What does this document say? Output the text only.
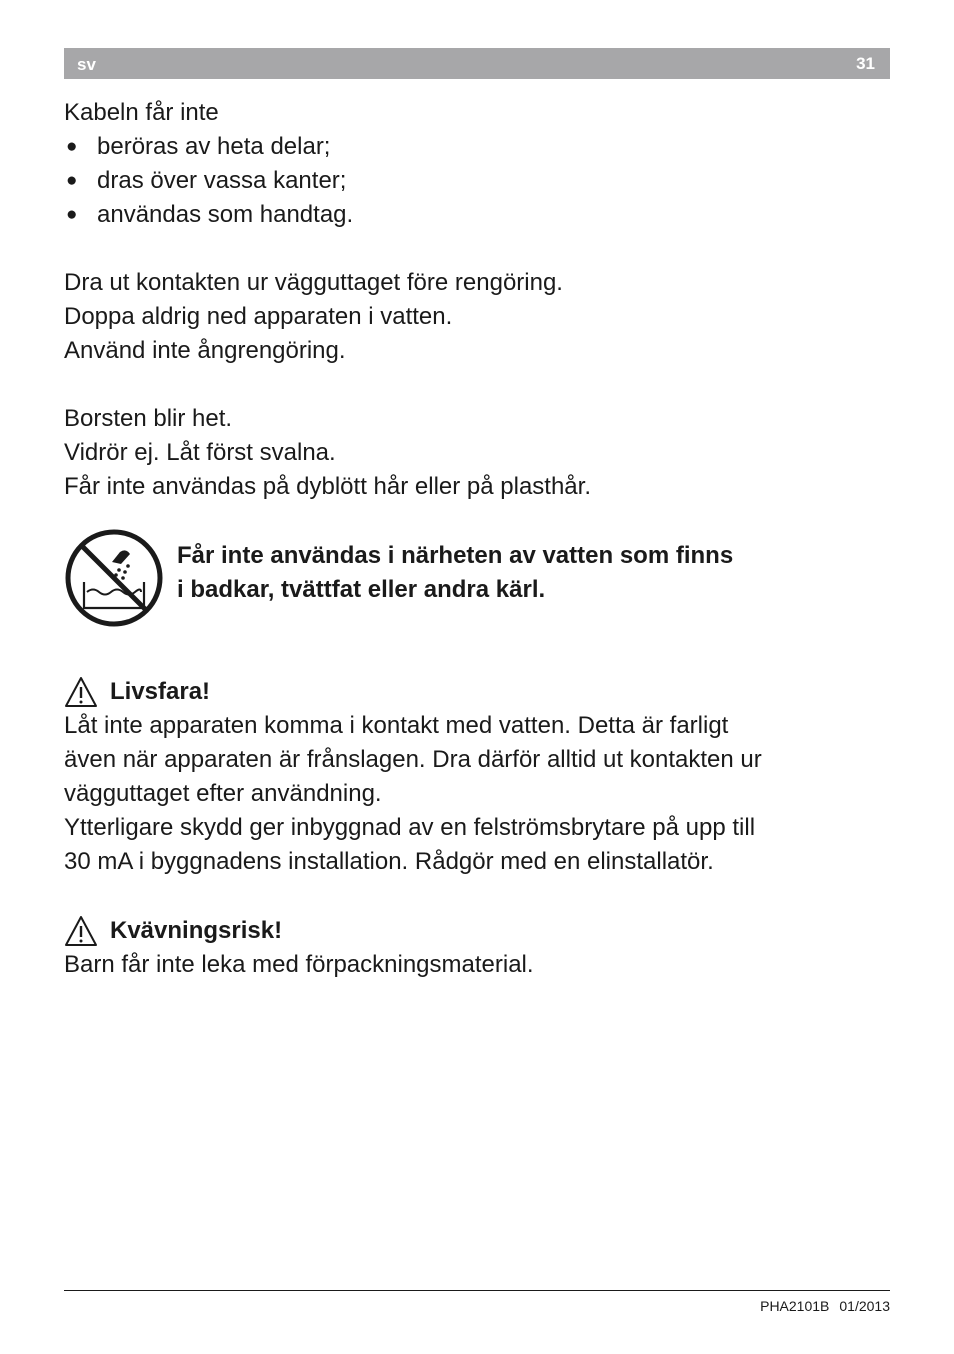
sv	31
Kabeln får inte
● beröras av heta delar;
● dras över vassa kanter;
● användas som handtag.
Dra ut kontakten ur vägguttaget före rengöring.
Doppa aldrig ned apparaten i vatten.
Använd inte ångrengöring.
Borsten blir het.
Vidrör ej. Låt först svalna.
Får inte användas på dyblött hår eller på plasthår.
Får inte användas i närheten av vatten som finns
i badkar, tvättfat eller andra kärl.
Livsfara!
Låt inte apparaten komma i kontakt med vatten. Detta är farligt
även när apparaten är frånslagen. Dra därför alltid ut kontakten ur
vägguttaget efter användning.
Ytterligare skydd ger inbyggnad av en felströmsbrytare på upp till
30 mA i byggnadens installation. Rådgör med en elinstallatör.
Kvävningsrisk!
Barn får inte leka med förpackningsmaterial.
PHA2101B 01/2013
